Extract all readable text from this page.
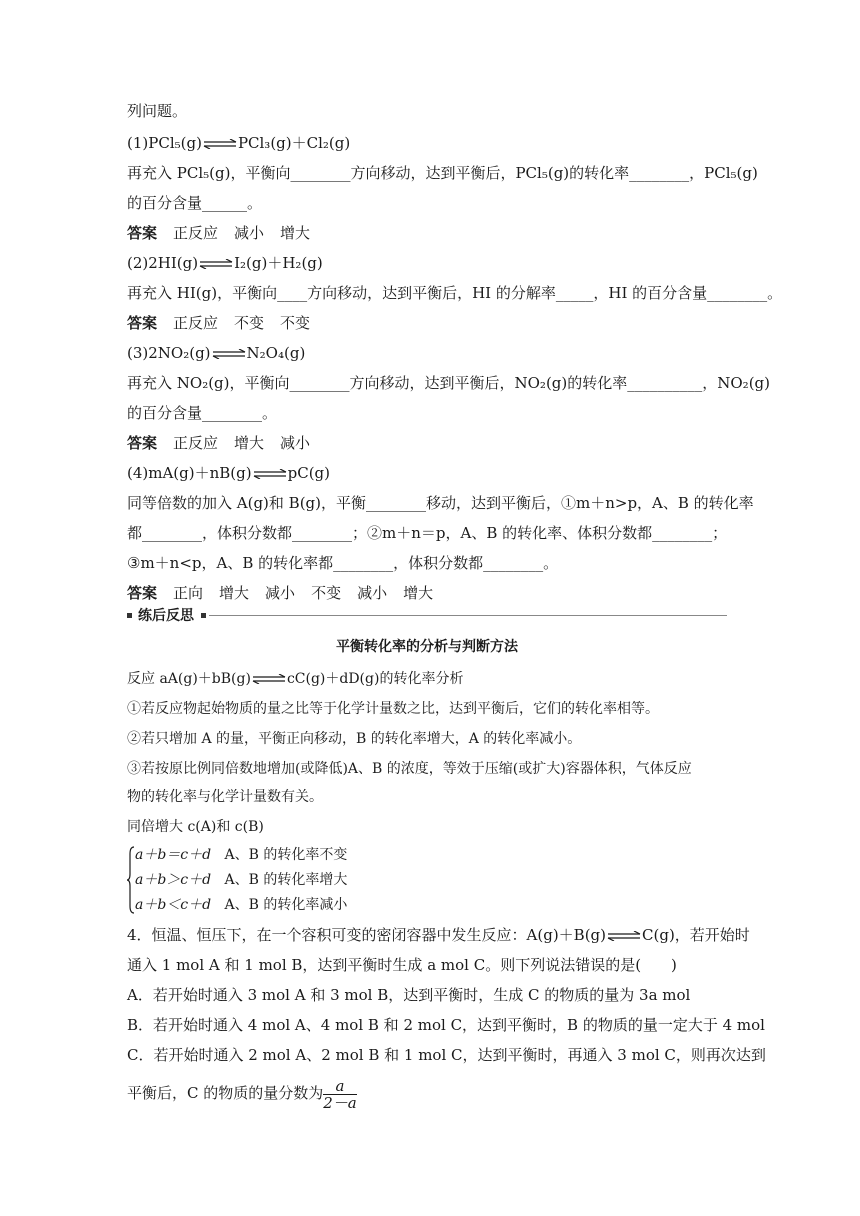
列问题。
(1)PCl₅(g) PCl₃(g)＋Cl₂(g)
再充入 PCl₅(g)，平衡向________方向移动，达到平衡后，PCl₅(g)的转化率________，PCl₅(g)
的百分含量______。
答案 正反应 减小 增大
(2)2HI(g) I₂(g)＋H₂(g)
再充入 HI(g)，平衡向____方向移动，达到平衡后，HI 的分解率_____，HI 的百分含量________。
答案 正反应 不变 不变
(3)2NO₂(g) N₂O₄(g)
再充入 NO₂(g)，平衡向________方向移动，达到平衡后，NO₂(g)的转化率__________，NO₂(g)
的百分含量________。
答案 正反应 增大 减小
(4)mA(g)＋nB(g) pC(g)
同等倍数的加入 A(g)和 B(g)，平衡________移动，达到平衡后，①m＋n>p，A、B 的转化率
都________，体积分数都________；②m＋n＝p，A、B 的转化率、体积分数都________；
③m＋n<p，A、B 的转化率都________，体积分数都________。
答案 正向 增大 减小 不变 减小 增大
练后反思
平衡转化率的分析与判断方法
反应 aA(g)＋bB(g)	cC(g)＋dD(g)的转化率分析
①若反应物起始物质的量之比等于化学计量数之比，达到平衡后，它们的转化率相等。
②若只增加 A 的量，平衡正向移动，B 的转化率增大，A 的转化率减小。
③若按原比例同倍数地增加(或降低)A、B 的浓度，等效于压缩(或扩大)容器体积，气体反应
物的转化率与化学计量数有关。
同倍增大 c(A)和 c(B)
a＋b＝c＋d A、B 的转化率不变
a＋b＞c＋d A、B 的转化率增大
a＋b＜c＋d A、B 的转化率减小
4．恒温、恒压下，在一个容积可变的密闭容器中发生反应：A(g)＋B(g) C(g)，若开始时
通入 1 mol A 和 1 mol B，达到平衡时生成 a mol C。则下列说法错误的是(　　)
A．若开始时通入 3 mol A 和 3 mol B，达到平衡时，生成 C 的物质的量为 3a mol
B．若开始时通入 4 mol A、4 mol B 和 2 mol C，达到平衡时，B 的物质的量一定大于 4 mol
C．若开始时通入 2 mol A、2 mol B 和 1 mol C，达到平衡时，再通入 3 mol C，则再次达到
平衡后，C 的物质的量分数为 $\frac{a}{2-a}$
